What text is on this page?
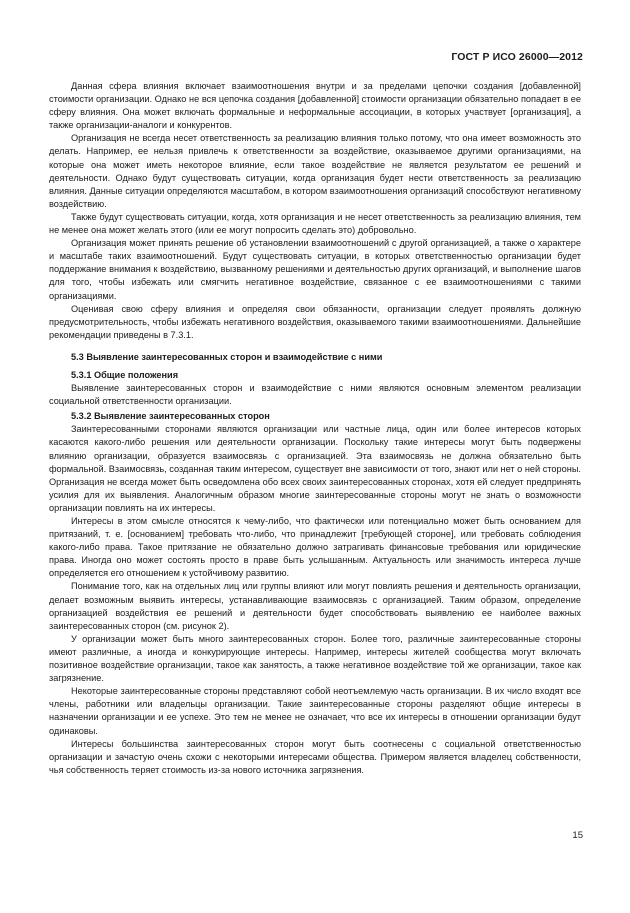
ГОСТ Р ИСО 26000—2012

Данная сфера влияния включает взаимоотношения внутри и за пределами цепочки создания [добавленной] стоимости организации. Однако не вся цепочка создания [добавленной] стоимости организации обязательно попадает в ее сферу влияния. Она может включать формальные и неформальные ассоциации, в которых участвует [организация], а также организации-аналоги и конкурентов.

Организация не всегда несет ответственность за реализацию влияния только потому, что она имеет возможность это делать. Например, ее нельзя привлечь к ответственности за воздействие, оказываемое другими организациями, на которые она может иметь некоторое влияние, если такое воздействие не является результатом ее решений и деятельности. Однако будут существовать ситуации, когда организация будет нести ответственность за реализацию влияния. Данные ситуации определяются масштабом, в котором взаимоотношения организаций способствуют негативному воздействию.

Также будут существовать ситуации, когда, хотя организация и не несет ответственность за реализацию влияния, тем не менее она может желать этого (или ее могут попросить сделать это) добровольно.

Организация может принять решение об установлении взаимоотношений с другой организацией, а также о характере и масштабе таких взаимоотношений. Будут существовать ситуации, в которых ответственностью организации будет поддержание внимания к воздействию, вызванному решениями и деятельностью других организаций, и выполнение шагов для того, чтобы избежать или смягчить негативное воздействие, связанное с ее взаимоотношениями с такими организациями.

Оценивая свою сферу влияния и определяя свои обязанности, организации следует проявлять должную предусмотрительность, чтобы избежать негативного воздействия, оказываемого такими взаимоотношениями. Дальнейшие рекомендации приведены в 7.3.1.

5.3 Выявление заинтересованных сторон и взаимодействие с ними
5.3.1 Общие положения

Выявление заинтересованных сторон и взаимодействие с ними являются основным элементом реализации социальной ответственности организации.

5.3.2 Выявление заинтересованных сторон

Заинтересованными сторонами являются организации или частные лица, один или более интересов которых касаются какого-либо решения или деятельности организации. Поскольку такие интересы могут быть подвержены влиянию организации, образуется взаимосвязь с организацией. Эта взаимосвязь не должна обязательно быть формальной. Взаимосвязь, созданная таким интересом, существует вне зависимости от того, знают или нет о ней стороны. Организация не всегда может быть осведомлена обо всех своих заинтересованных сторонах, хотя ей следует предпринять усилия для их выявления. Аналогичным образом многие заинтересованные стороны могут не знать о возможности организации повлиять на их интересы.

Интересы в этом смысле относятся к чему-либо, что фактически или потенциально может быть основанием для притязаний, т. е. [основанием] требовать что-либо, что принадлежит [требующей стороне], или требовать соблюдения какого-либо права. Такое притязание не обязательно должно затрагивать финансовые требования или юридические права. Иногда оно может состоять просто в праве быть услышанным. Актуальность или значимость интереса лучше определяется его отношением к устойчивому развитию.

Понимание того, как на отдельных лиц или группы влияют или могут повлиять решения и деятельность организации, делает возможным выявить интересы, устанавливающие взаимосвязь с организацией. Таким образом, определение организацией воздействия ее решений и деятельности будет способствовать выявлению ее наиболее важных заинтересованных сторон (см. рисунок 2).

У организации может быть много заинтересованных сторон. Более того, различные заинтересованные стороны имеют различные, а иногда и конкурирующие интересы. Например, интересы жителей сообщества могут включать позитивное воздействие организации, такое как занятость, а также негативное воздействие той же организации, такое как загрязнение.

Некоторые заинтересованные стороны представляют собой неотъемлемую часть организации. В их число входят все члены, работники или владельцы организации. Такие заинтересованные стороны разделяют общие интересы в назначении организации и ее успехе. Это тем не менее не означает, что все их интересы в отношении организации будут одинаковы.

Интересы большинства заинтересованных сторон могут быть соотнесены с социальной ответственностью организации и зачастую очень схожи с некоторыми интересами общества. Примером является владелец собственности, чья собственность теряет стоимость из-за нового источника загрязнения.

15
